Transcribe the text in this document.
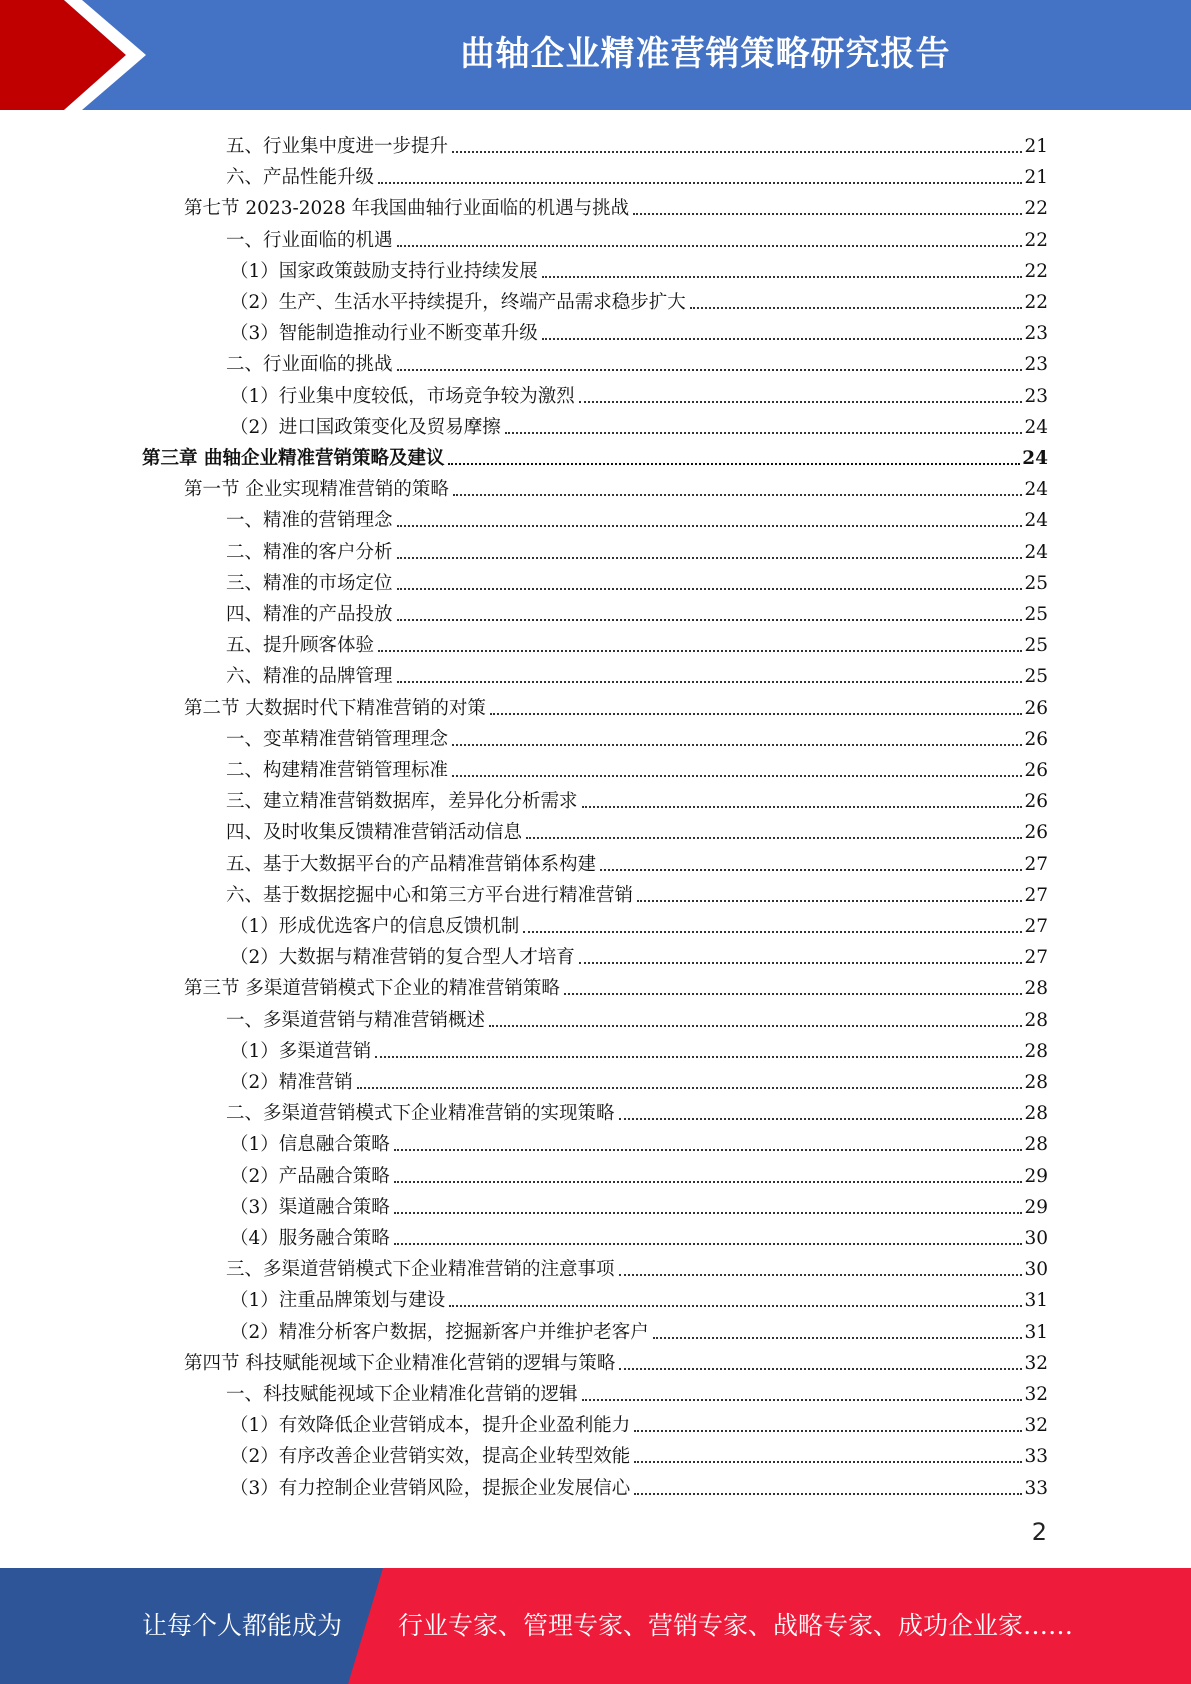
曲轴企业精准营销策略研究报告
五、行业集中度进一步提升	21
六、产品性能升级	21
第七节 2023-2028 年我国曲轴行业面临的机遇与挑战	22
一、行业面临的机遇	22
（1）国家政策鼓励支持行业持续发展	22
（2）生产、生活水平持续提升，终端产品需求稳步扩大	22
（3）智能制造推动行业不断变革升级	23
二、行业面临的挑战	23
（1）行业集中度较低，市场竞争较为激烈	23
（2）进口国政策变化及贸易摩擦	24
第三章 曲轴企业精准营销策略及建议	24
第一节 企业实现精准营销的策略	24
一、精准的营销理念	24
二、精准的客户分析	24
三、精准的市场定位	25
四、精准的产品投放	25
五、提升顾客体验	25
六、精准的品牌管理	25
第二节 大数据时代下精准营销的对策	26
一、变革精准营销管理理念	26
二、构建精准营销管理标准	26
三、建立精准营销数据库，差异化分析需求	26
四、及时收集反馈精准营销活动信息	26
五、基于大数据平台的产品精准营销体系构建	27
六、基于数据挖掘中心和第三方平台进行精准营销	27
（1）形成优选客户的信息反馈机制	27
（2）大数据与精准营销的复合型人才培育	27
第三节 多渠道营销模式下企业的精准营销策略	28
一、多渠道营销与精准营销概述	28
（1）多渠道营销	28
（2）精准营销	28
二、多渠道营销模式下企业精准营销的实现策略	28
（1）信息融合策略	28
（2）产品融合策略	29
（3）渠道融合策略	29
（4）服务融合策略	30
三、多渠道营销模式下企业精准营销的注意事项	30
（1）注重品牌策划与建设	31
（2）精准分析客户数据，挖掘新客户并维护老客户	31
第四节 科技赋能视域下企业精准化营销的逻辑与策略	32
一、科技赋能视域下企业精准化营销的逻辑	32
（1）有效降低企业营销成本，提升企业盈利能力	32
（2）有序改善企业营销实效，提高企业转型效能	33
（3）有力控制企业营销风险，提振企业发展信心	33
2
让每个人都能成为 行业专家、管理专家、营销专家、战略专家、成功企业家……
